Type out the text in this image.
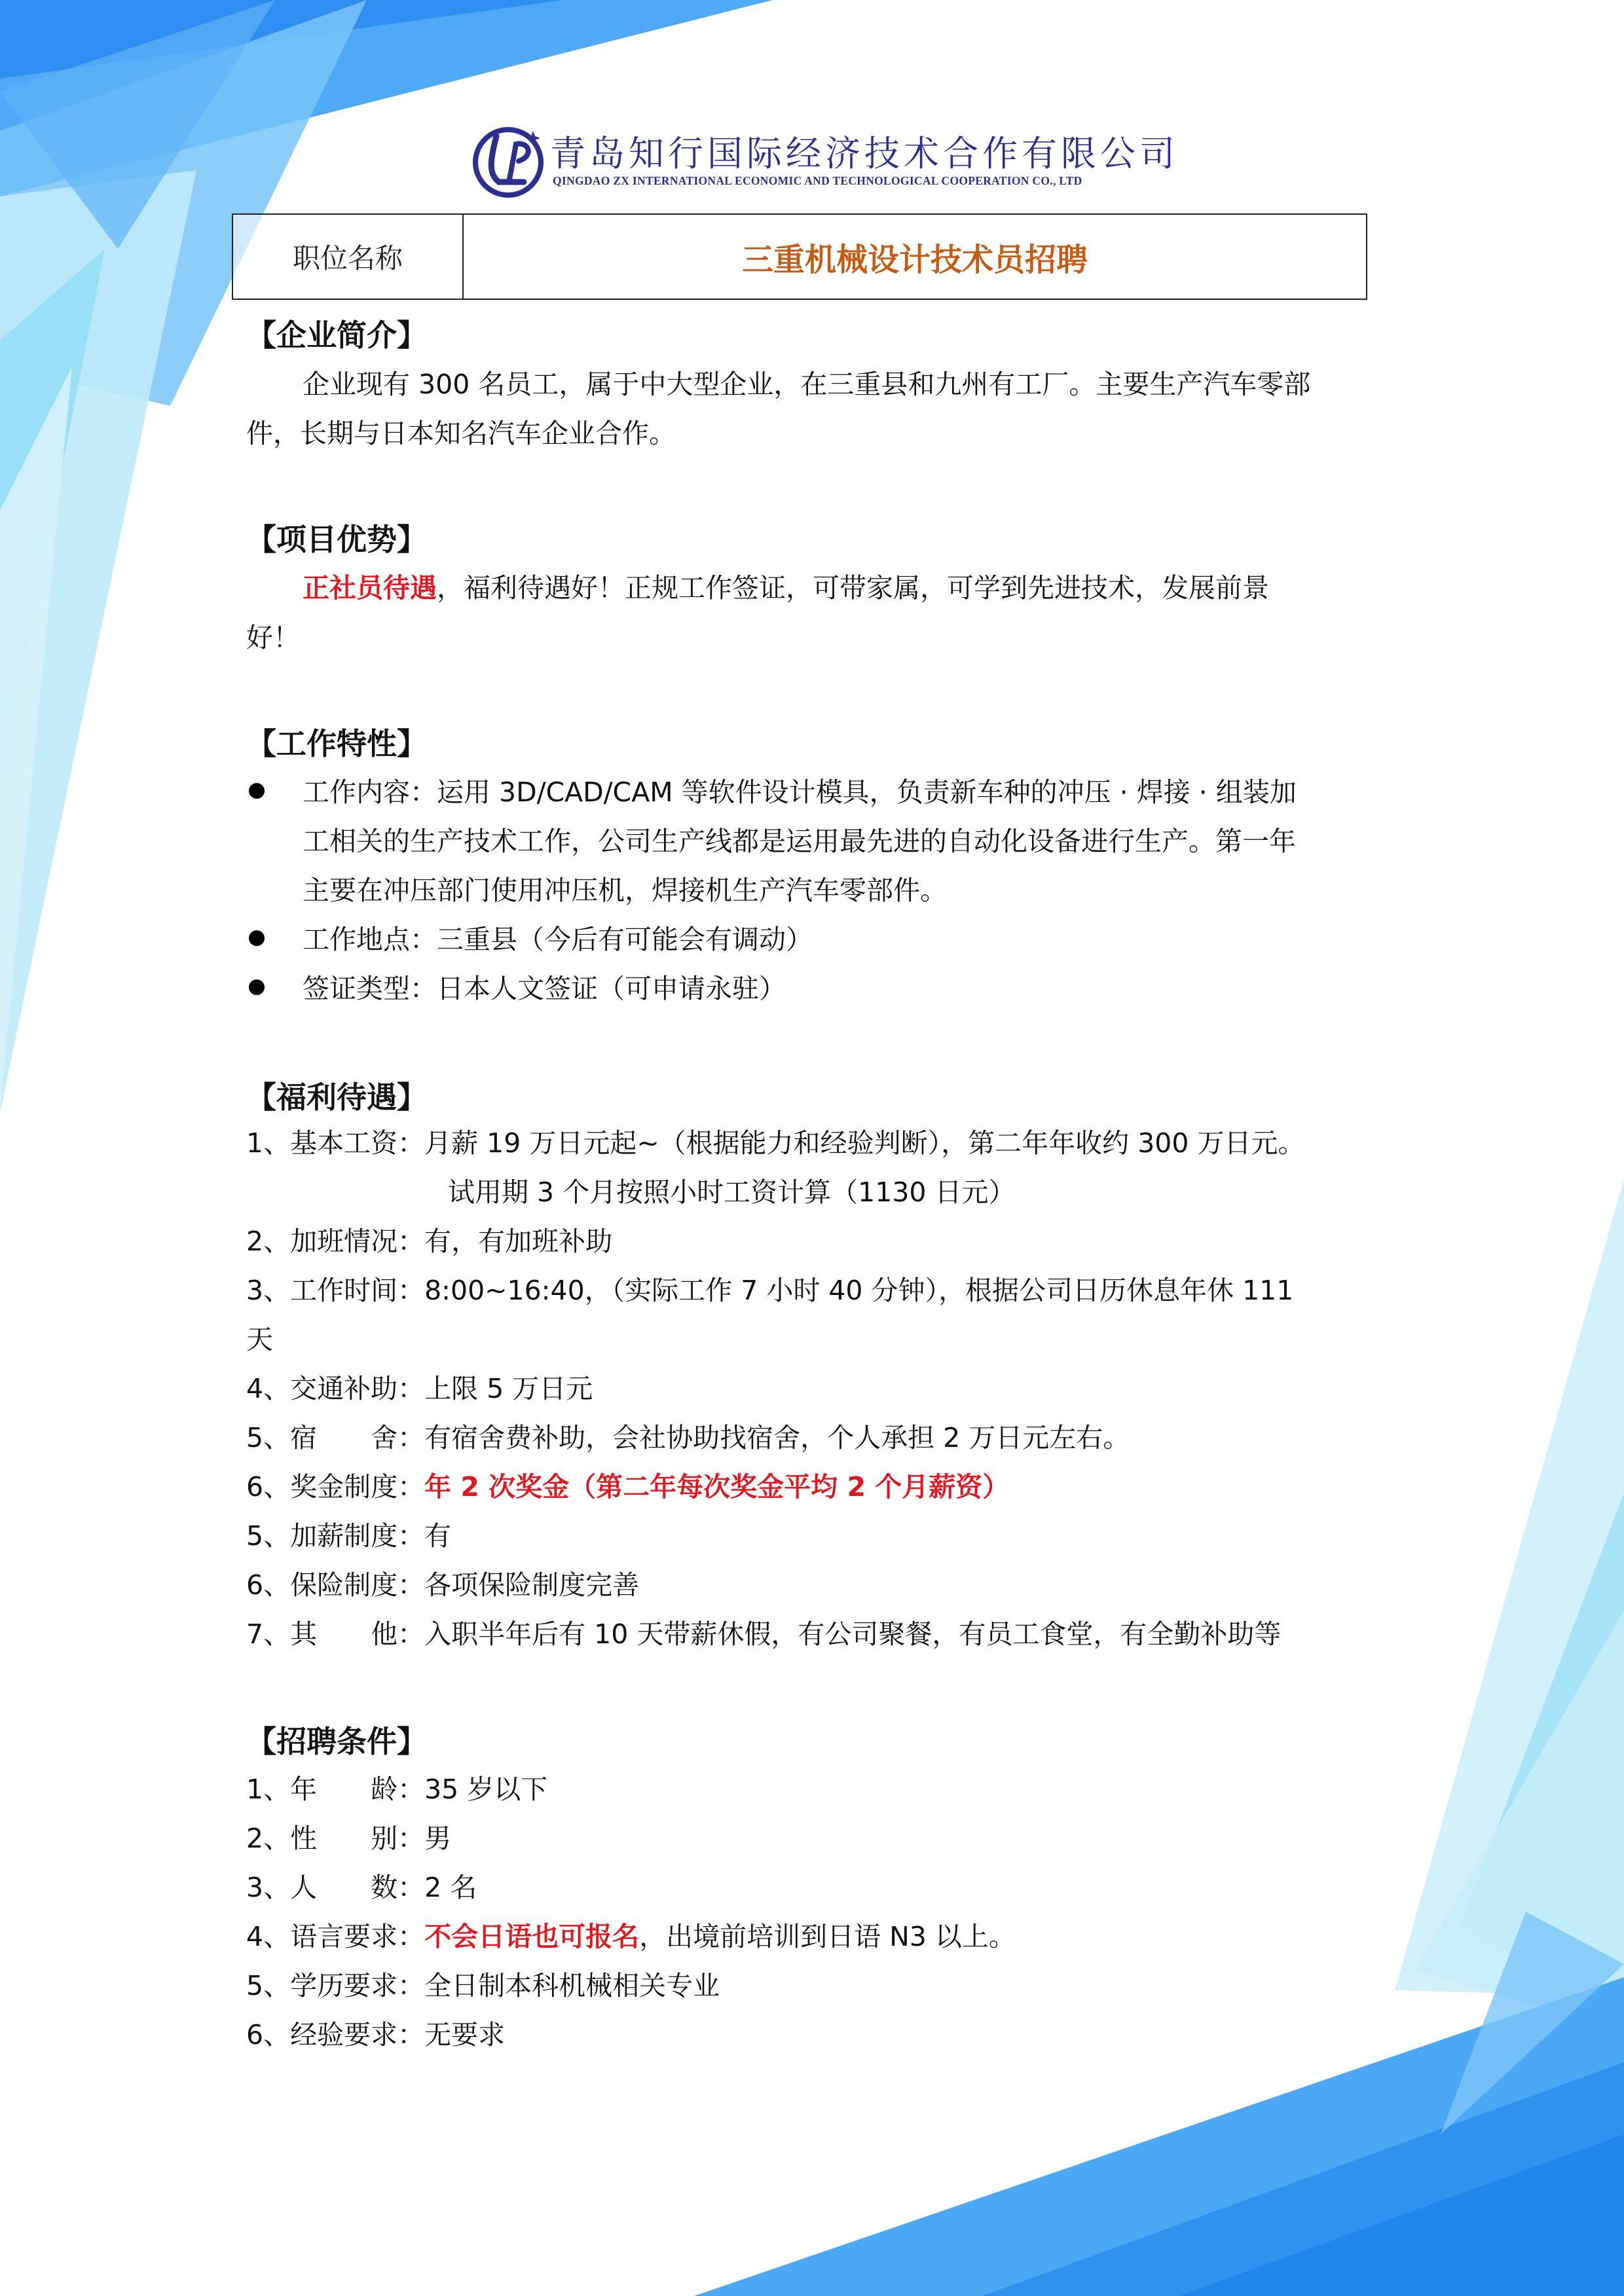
青岛知行国际经济技术合作有限公司
QINGDAO ZX INTERNATIONAL ECONOMIC AND TECHNOLOGICAL COOPERATION CO., LTD
职位名称	三重机械设计技术员招聘
【企业简介】
企业现有 300 名员工，属于中大型企业，在三重县和九州有工厂。主要生产汽车零部
件，长期与日本知名汽车企业合作。
【项目优势】
正社员待遇，福利待遇好！正规工作签证，可带家属，可学到先进技术，发展前景
好！
【工作特性】
工作内容：运用 3D/CAD/CAM 等软件设计模具，负责新车种的冲压 · 焊接 · 组装加
工相关的生产技术工作，公司生产线都是运用最先进的自动化设备进行生产。第一年
主要在冲压部门使用冲压机，焊接机生产汽车零部件。
工作地点：三重县（今后有可能会有调动）
签证类型：日本人文签证（可申请永驻）
【福利待遇】
1、基本工资：月薪 19 万日元起~（根据能力和经验判断），第二年年收约 300 万日元。
试用期 3 个月按照小时工资计算（1130 日元）
2、加班情况：有，有加班补助
3、工作时间：8:00~16:40，（实际工作 7 小时 40 分钟），根据公司日历休息年休 111
天
4、交通补助：上限 5 万日元
5、宿　　舍：有宿舍费补助，会社协助找宿舍，个人承担 2 万日元左右。
6、奖金制度：年 2 次奖金（第二年每次奖金平均 2 个月薪资）
5、加薪制度：有
6、保险制度：各项保险制度完善
7、其　　他：入职半年后有 10 天带薪休假，有公司聚餐，有员工食堂，有全勤补助等
【招聘条件】
1、年　　龄：35 岁以下
2、性　　别：男
3、人　　数：2 名
4、语言要求：不会日语也可报名，出境前培训到日语 N3 以上。
5、学历要求：全日制本科机械相关专业
6、经验要求：无要求
